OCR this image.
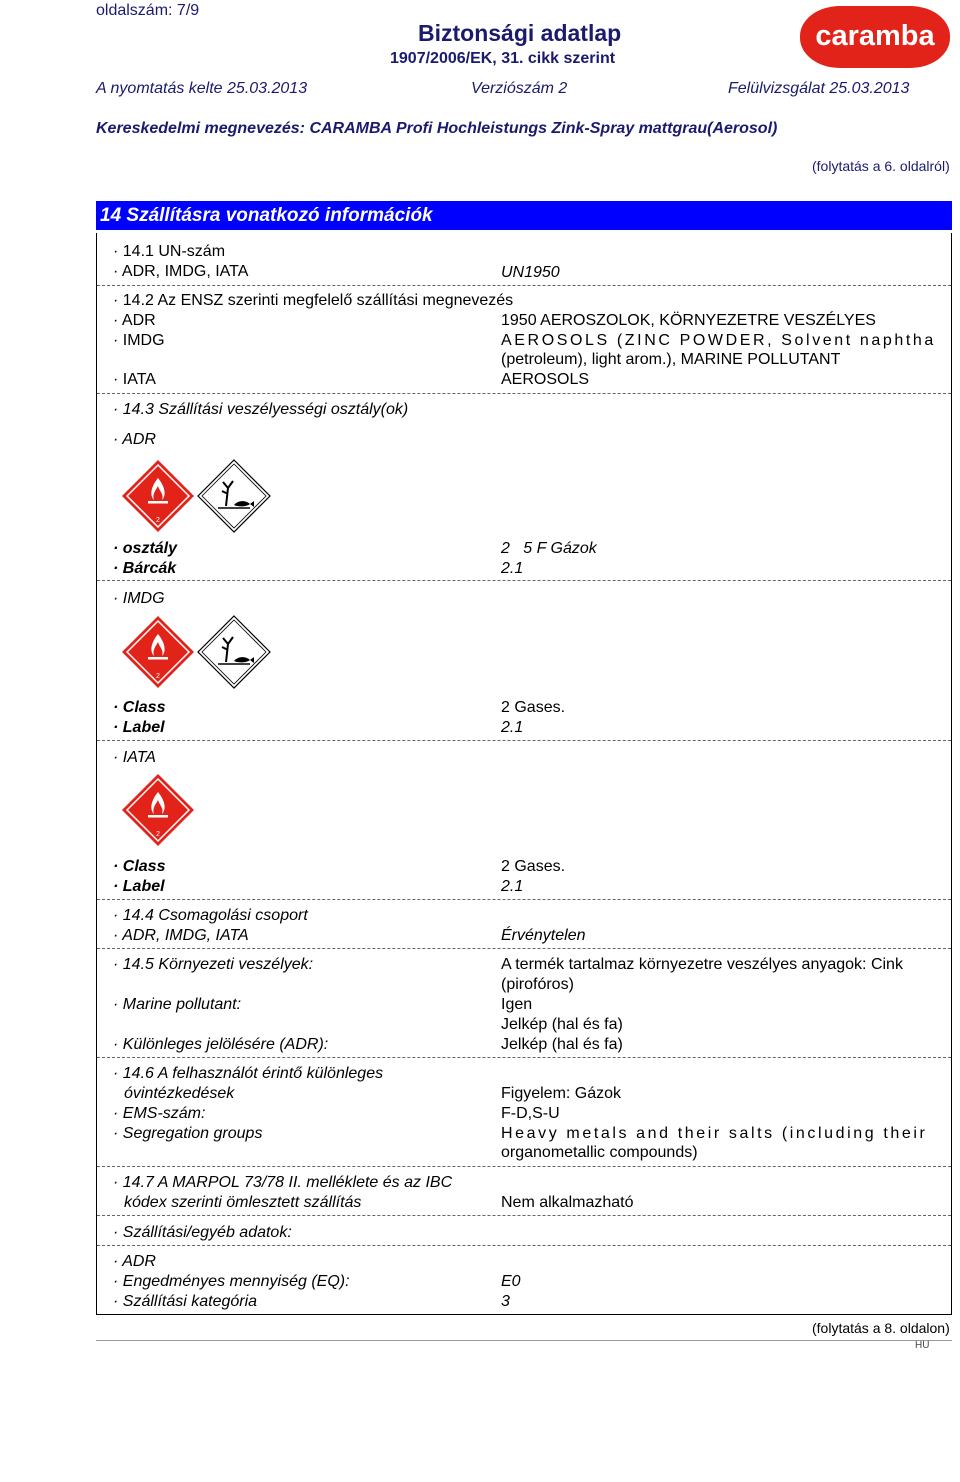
oldalszám: 7/9
Biztonsági adatlap
1907/2006/EK, 31. cikk szerint
caramba
A nyomtatás kelte 25.03.2013	Verziószám 2	Felülvizsgálat 25.03.2013
Kereskedelmi megnevezés: CARAMBA Profi Hochleistungs Zink-Spray mattgrau(Aerosol)
(folytatás a 6. oldalról)
14 Szállításra vonatkozó információk
· 14.1 UN-szám
· ADR, IMDG, IATA	UN1950
· 14.2 Az ENSZ szerinti megfelelő szállítási megnevezés
· ADR	1950 AEROSZOLOK, KÖRNYEZETRE VESZÉLYES
· IMDG	AEROSOLS (ZINC POWDER, Solvent naphtha
(petroleum), light arom.), MARINE POLLUTANT
· IATA	AEROSOLS
· 14.3 Szállítási veszélyességi osztály(ok)
· ADR
2
· osztály	2   5 F Gázok
· Bárcák	2.1
· IMDG
2
· Class	2 Gases.
· Label	2.1
· IATA
2
· Class	2 Gases.
· Label	2.1
· 14.4 Csomagolási csoport
· ADR, IMDG, IATA	Érvénytelen
· 14.5 Környezeti veszélyek:	A termék tartalmaz környezetre veszélyes anyagok: Cink
(pirofóros)
· Marine pollutant:	Igen
Jelkép (hal és fa)
· Különleges jelölésére (ADR):	Jelkép (hal és fa)
· 14.6 A felhasználót érintő különleges
óvintézkedések	Figyelem: Gázok
· EMS-szám:	F-D,S-U
· Segregation groups	Heavy metals and their salts (including their
organometallic compounds)
· 14.7 A MARPOL 73/78 II. melléklete és az IBC
kódex szerinti ömlesztett szállítás	Nem alkalmazható
· Szállítási/egyéb adatok:
· ADR
· Engedményes mennyiség (EQ):	E0
· Szállítási kategória	3
(folytatás a 8. oldalon)
HU
